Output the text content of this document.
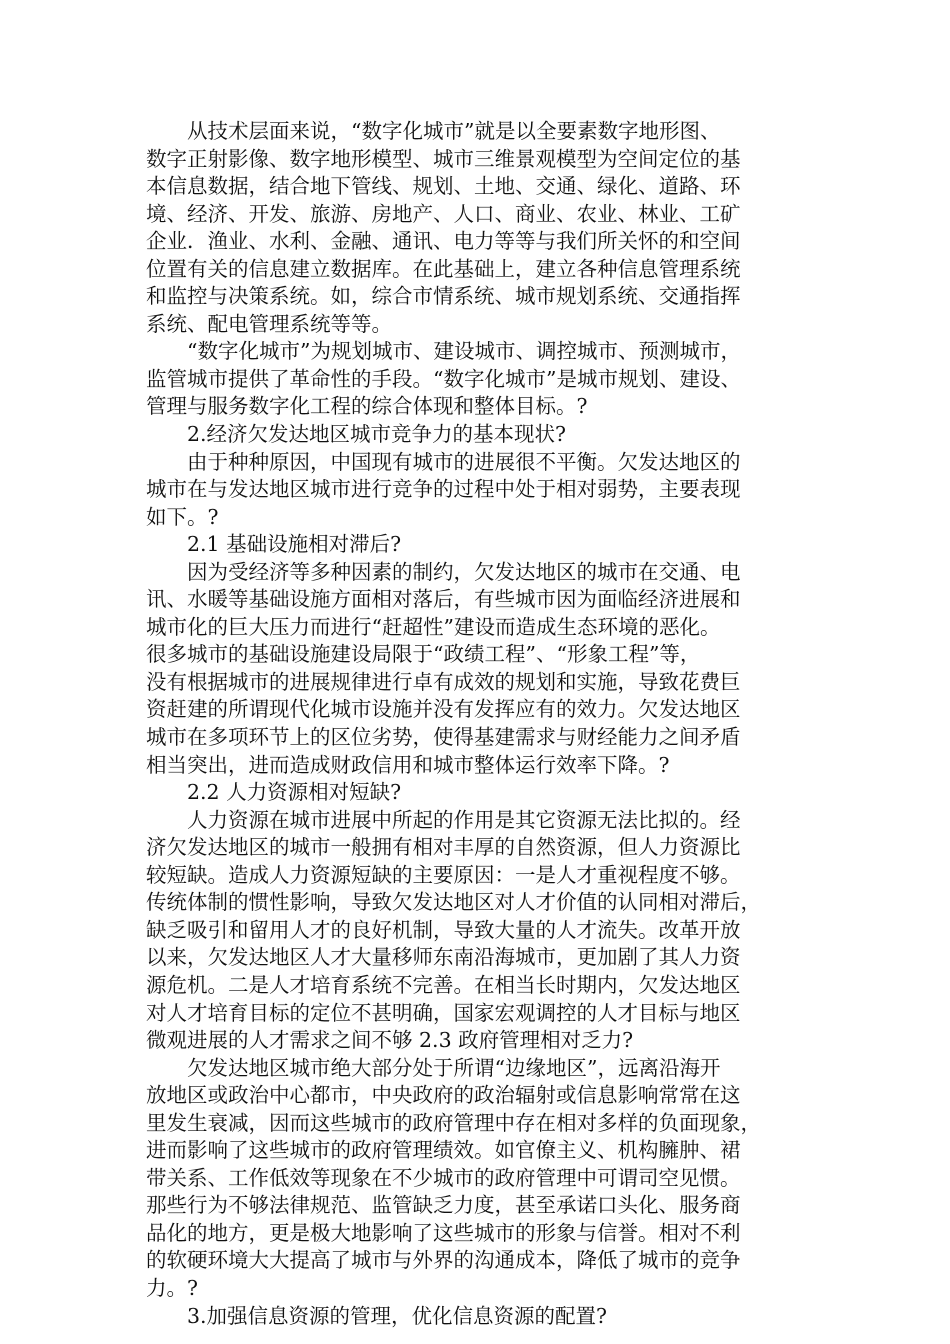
　　从技术层面来说，“数字化城市”就是以全要素数字地形图、
数字正射影像、数字地形模型、城市三维景观模型为空间定位的基
本信息数据，结合地下管线、规划、土地、交通、绿化、道路、环
境、经济、开发、旅游、房地产、人口、商业、农业、林业、工矿
企业．渔业、水利、金融、通讯、电力等等与我们所关怀的和空间
位置有关的信息建立数据库。在此基础上，建立各种信息管理系统
和监控与决策系统。如，综合市情系统、城市规划系统、交通指挥
系统、配电管理系统等等。
　　“数字化城市”为规划城市、建设城市、调控城市、预测城市，
监管城市提供了革命性的手段。“数字化城市”是城市规划、建设、
管理与服务数字化工程的综合体现和整体目标。?
　　2.经济欠发达地区城市竞争力的基本现状?
　　由于种种原因，中国现有城市的进展很不平衡。欠发达地区的
城市在与发达地区城市进行竞争的过程中处于相对弱势，主要表现
如下。?
　　2.1 基础设施相对滞后?
　　因为受经济等多种因素的制约，欠发达地区的城市在交通、电
讯、水暖等基础设施方面相对落后，有些城市因为面临经济进展和
城市化的巨大压力而进行“赶超性”建设而造成生态环境的恶化。
很多城市的基础设施建设局限于“政绩工程”、“形象工程”等，
没有根据城市的进展规律进行卓有成效的规划和实施，导致花费巨
资赶建的所谓现代化城市设施并没有发挥应有的效力。欠发达地区
城市在多项环节上的区位劣势，使得基建需求与财经能力之间矛盾
相当突出，进而造成财政信用和城市整体运行效率下降。?
　　2.2 人力资源相对短缺?
　　人力资源在城市进展中所起的作用是其它资源无法比拟的。经
济欠发达地区的城市一般拥有相对丰厚的自然资源，但人力资源比
较短缺。造成人力资源短缺的主要原因：一是人才重视程度不够。
传统体制的惯性影响，导致欠发达地区对人才价值的认同相对滞后，
缺乏吸引和留用人才的良好机制，导致大量的人才流失。改革开放
以来，欠发达地区人才大量移师东南沿海城市，更加剧了其人力资
源危机。二是人才培育系统不完善。在相当长时期内，欠发达地区
对人才培育目标的定位不甚明确，国家宏观调控的人才目标与地区
微观进展的人才需求之间不够 2.3 政府管理相对乏力?
　　欠发达地区城市绝大部分处于所谓“边缘地区”，远离沿海开
放地区或政治中心都市，中央政府的政治辐射或信息影响常常在这
里发生衰减，因而这些城市的政府管理中存在相对多样的负面现象，
进而影响了这些城市的政府管理绩效。如官僚主义、机构臃肿、裙
带关系、工作低效等现象在不少城市的政府管理中可谓司空见惯。
那些行为不够法律规范、监管缺乏力度，甚至承诺口头化、服务商
品化的地方，更是极大地影响了这些城市的形象与信誉。相对不利
的软硬环境大大提高了城市与外界的沟通成本，降低了城市的竞争
力。?
　　3.加强信息资源的管理，优化信息资源的配置?
